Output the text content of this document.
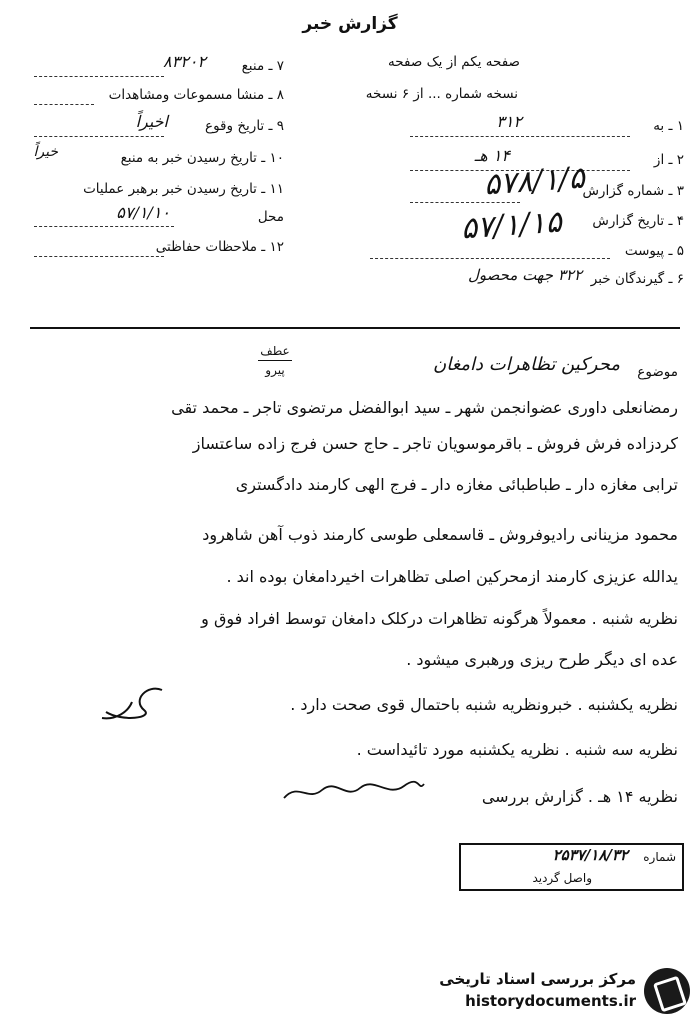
گزارش خبر
صفحه یکم از یک صفحه
نسخه شماره ... از ۶ نسخه
۱ ـ به
۳۱۲
۲ ـ از
۱۴ هـ
۳ ـ شماره گزارش
۵۷۸/۱/۵
۴ ـ تاریخ گزارش
۵۷/۱/۱۵
۵ ـ پیوست
۶ ـ گیرندگان خبر
۳۲۲ جهت محصول
۷ ـ منبع
۸۳۲۰۲
۸ ـ منشا مسموعات ومشاهدات
۹ ـ تاریخ وقوع
اخیراً
۱۰ ـ تاریخ رسیدن خبر به منبع
خیراً
۱۱ ـ تاریخ رسیدن خبر برهبر عملیات
محل
۵۷/۱/۱۰
۱۲ ـ ملاحظات حفاظتی
موضوع
محرکین تظاهرات دامغان
عطف
پیرو
رمضانعلی داوری عضوانجمن شهر ـ سید ابوالفضل مرتضوی تاجر ـ محمد تقی
کردزاده فرش فروش ـ باقرموسویان تاجر ـ حاج حسن فرج زاده ساعتساز
ترابی مغازه دار ـ طباطبائی مغازه دار ـ فرج الهی کارمند دادگستری
محمود مزینانی رادیوفروش ـ قاسمعلی طوسی کارمند ذوب آهن شاهرود
یدالله عزیزی کارمند ازمحرکین اصلی تظاهرات اخیردامغان بوده اند .
نظریه شنبه . معمولاً هرگونه تظاهرات درکلک دامغان توسط افراد فوق و
عده ای دیگر طرح ریزی ورهبری میشود .
نظریه یکشنبه . خبرونظریه شنبه باحتمال قوی صحت دارد .
نظریه سه شنبه . نظریه یکشنبه مورد تائیداست .
نظریه ۱۴ هـ . گزارش بررسی
شماره
۲۵۳۷/۱۸/۳۲
واصل گردید
مرکز بررسی اسناد تاریخی
historydocuments.ir
